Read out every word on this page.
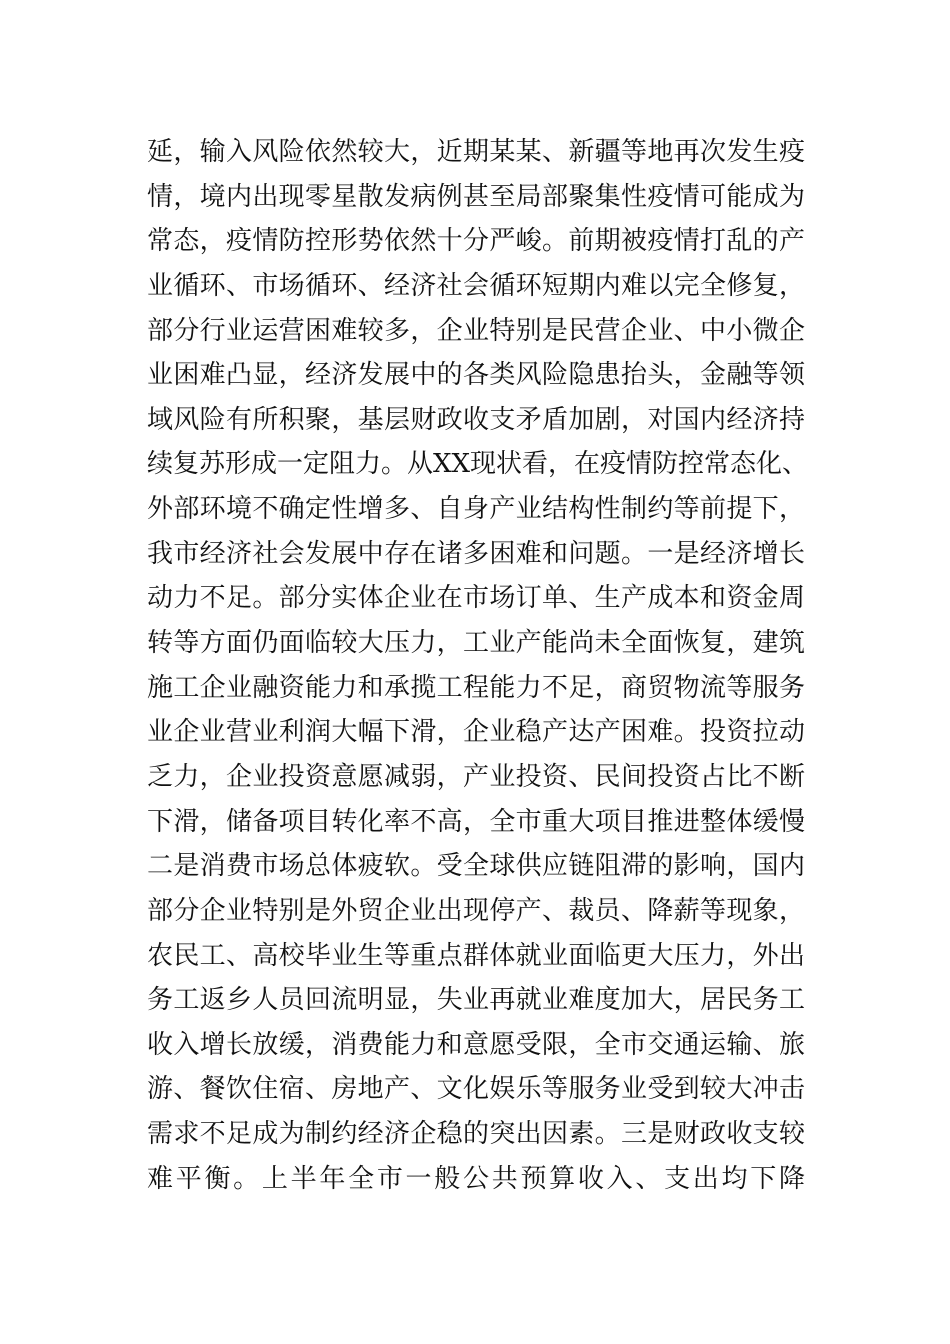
延，输入风险依然较大，近期某某、新疆等地再次发生疫
情，境内出现零星散发病例甚至局部聚集性疫情可能成为
常态，疫情防控形势依然十分严峻。前期被疫情打乱的产
业循环、市场循环、经济社会循环短期内难以完全修复，
部分行业运营困难较多，企业特别是民营企业、中小微企
业困难凸显，经济发展中的各类风险隐患抬头，金融等领
域风险有所积聚，基层财政收支矛盾加剧，对国内经济持
续复苏形成一定阻力。从XX现状看，在疫情防控常态化、
外部环境不确定性增多、自身产业结构性制约等前提下，
我市经济社会发展中存在诸多困难和问题。一是经济增长
动力不足。部分实体企业在市场订单、生产成本和资金周
转等方面仍面临较大压力，工业产能尚未全面恢复，建筑
施工企业融资能力和承揽工程能力不足，商贸物流等服务
业企业营业利润大幅下滑，企业稳产达产困难。投资拉动
乏力，企业投资意愿减弱，产业投资、民间投资占比不断
下滑，储备项目转化率不高，全市重大项目推进整体缓慢
二是消费市场总体疲软。受全球供应链阻滞的影响，国内
部分企业特别是外贸企业出现停产、裁员、降薪等现象，
农民工、高校毕业生等重点群体就业面临更大压力，外出
务工返乡人员回流明显，失业再就业难度加大，居民务工
收入增长放缓，消费能力和意愿受限，全市交通运输、旅
游、餐饮住宿、房地产、文化娱乐等服务业受到较大冲击
需求不足成为制约经济企稳的突出因素。三是财政收支较
难平衡。上半年全市一般公共预算收入、支出均下降
